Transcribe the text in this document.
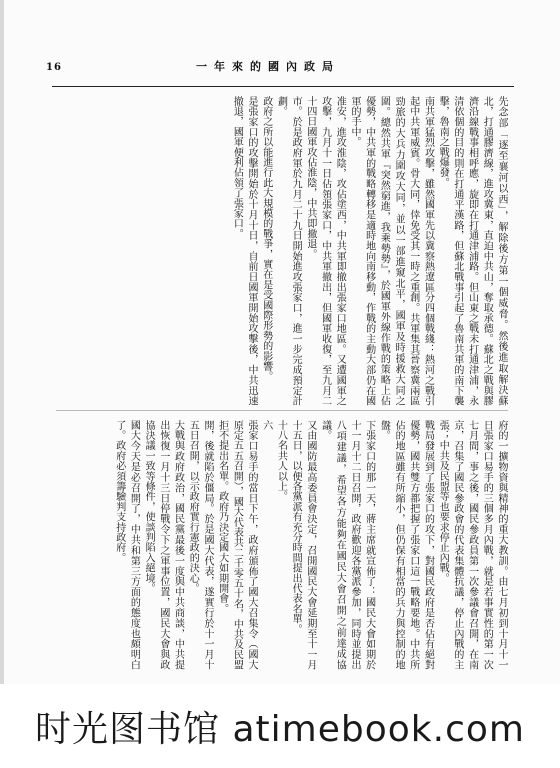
16	一年來的國內政局

先念部「逐至襄河以西」，解除後方第一個威脅。然後進取解決蘇北，打通膠濟線，進攻冀東，直迫中共山，奪取承德。蘇北之戰與膠濟沿線戰事相呼應，旋即在打通津浦路。但山東之戰未打通津浦，永清依個的目的則在打通平漢路，但蘇北戰事引起了魯南共軍的南下襲擊，魯南之戰爆發。

南共軍猛烈攻擊，雖然國軍先以冀察熱遼區分四個戰綫：熱河之戰引起中共軍威賓。骨大同，倖免受其一時之重創。共軍集其晉察冀兩區勁旅的大兵力圍攻大同，並以一部進窺北平，國軍及時援救大同之圍。總然共軍『突然窮進，我乘勢勢』，於國軍外線作戰的策略上佔優勢，中共軍的戰略轉移是適時地向南移動，作戰的主動大部仍在國軍的手中。

准安，進攻淮陰，攻佔塗西，中共軍即撤出張家口地區。又遭國軍之攻擊，九月十一日佔領張家口，中共軍撤出，但國軍收復，至九月二十四日國軍攻佔淮陰，中共即撤退。

市。於是政府軍於九月二十九日開始進攻張家口，進一步完成預定計劃。

政府之所以能進行此大規模的戰爭，實在是受國際形勢的影響。

是張家口的攻擊開始於十月十日，自前日國軍開始攻擊後，中共迅速撤退，國軍便利佔領了張家口。

府的一擴物資與精神的重大教訓。由七月初到十月十一日張家口易手的三個多月內戰，就是若事實性的第一次七月間，事之後，國民參政員第一次參議會召開，在南京，召集了國民參政會的代表集體抗議，停止內戰的主張；中共及民盟等也要求停止內戰。

戰局發展到了張家口的攻下，對國民政府是否佔有絕對優勢，國共雙方都把握了張家口這一戰略要地。中共所佔的地區雖有所縮小，但仍保有相當的兵力與控制的地盤。

下張家口的那一天，蔣主席就宣佈了：國民大會如期於十一月十二日召開，政府歡迎各黨派參加，同時並提出八項建議，希望各方能夠在國民大會召開之前達成協議。

又由國防最高委員會決定，召開國民大會延期至十一月十五日，以便各黨派有充分時間提出代表名單。

十八名共人以上。

六

張家口易手的當日下午，政府頒佈了國大召集令（國大原定五五召開），國大代表共二千零五十名，中共及民盟拒不提出名單。政府乃決定國大如期開會。

開，後就陷於僵局。於是國大代表，遂實行於十一月十五日召開，以示政府實行憲政的決心。

大戰與政府政治，國民黨最後一度與中共商談，中共提出恢復一月十三日停戰令下之軍事位置，國民大會與政協決議一致等條件，使談判陷入絕境。

國大今天是必召開了，中共和第三方面的態度也頗明白了。政府必須籌驗判支持政府。

时光图书馆 atimebook.com
